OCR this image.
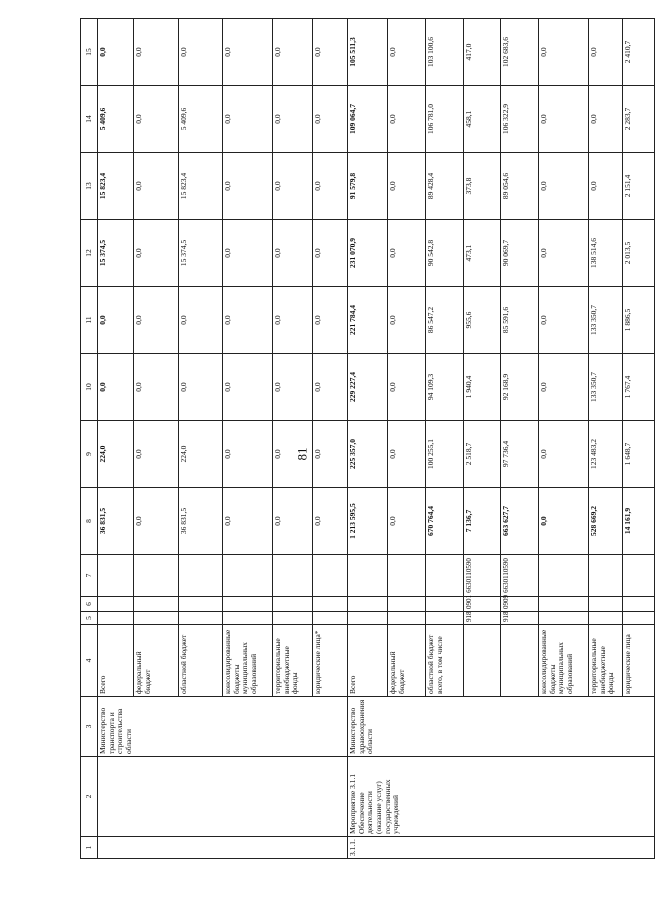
81
1	2	3	4	5	6	7	8	9	10	11	12	13	14	15
		Министерство транспорта и строительства области	Всего				36 831,5	224,0	0,0	0,0	15 374,5	15 823,4	5 409,6	0,0
			федеральный бюджет				0,0	0,0	0,0	0,0	0,0	0,0	0,0	0,0
			областной бюджет				36 831,5	224,0	0,0	0,0	15 374,5	15 823,4	5 409,6	0,0
			консолидированные бюджеты муниципальных образований				0,0	0,0	0,0	0,0	0,0	0,0	0,0	0,0
			территориальные внебюджетные фонды				0,0	0,0	0,0	0,0	0,0	0,0	0,0	0,0
			юридические лица*				0,0	0,0	0,0	0,0	0,0	0,0	0,0	0,0
3.1.1.	Мероприятие 3.1.1 Обеспечение деятельности (оказание услуг) государственных учреждений	Министерство здравоохранения области	Всего				1 213 595,5	225 357,0	229 227,4	221 784,4	231 070,9	91 579,8	109 064,7	105 511,3
			федеральный бюджет				0,0	0,0	0,0	0,0	0,0	0,0	0,0	0,0
			областной бюджет всего, в том числе				670 764,4	100 255,1	94 109,3	86 547,2	90 542,8	89 428,4	106 781,0	103 100,6
				918	0901	6630110590	7 136,7	2 518,7	1 940,4	955,6	473,1	373,8	458,1	417,0
				918	0909	6630110590	663 627,7	97 736,4	92 168,9	85 591,6	90 069,7	89 054,6	106 322,9	102 683,6
			консолидированные бюджеты муниципальных образований				0,0	0,0	0,0	0,0	0,0	0,0	0,0	0,0
			территориальные внебюджетные фонды				528 669,2	123 483,2	133 350,7	133 350,7	138 514,6	0,0	0,0	0,0
			юридические лица				14 161,9	1 648,7	1 767,4	1 886,5	2 013,5	2 151,4	2 283,7	2 410,7
